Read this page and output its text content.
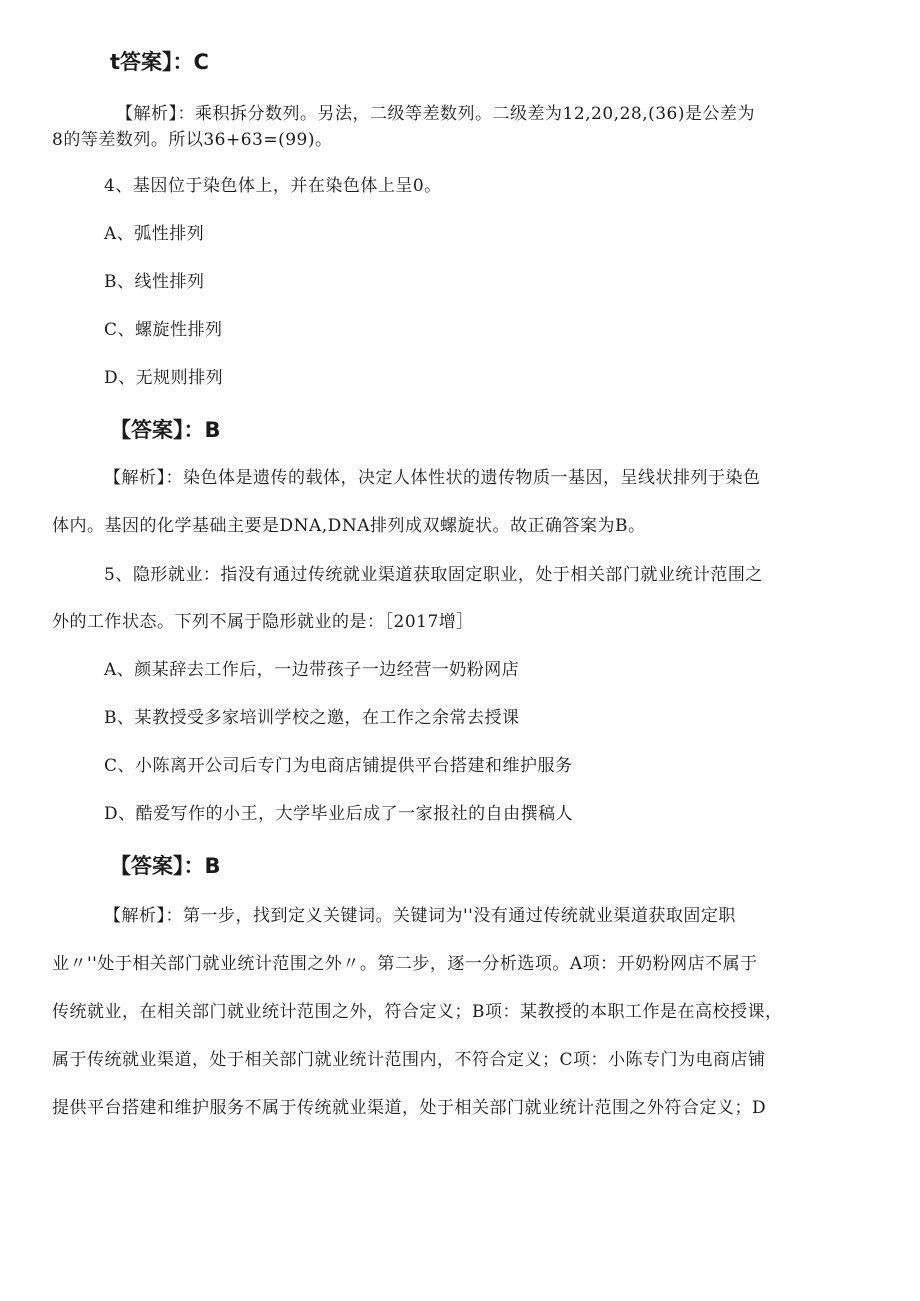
t答案】：C
【解析】：乘积拆分数列。另法，二级等差数列。二级差为12,20,28,(36)是公差为
8的等差数列。所以36+63=(99)。
4、基因位于染色体上，并在染色体上呈0。
A、弧性排列
B、线性排列
C、螺旋性排列
D、无规则排列
【答案】：B
【解析】：染色体是遗传的载体，决定人体性状的遗传物质一基因，呈线状排列于染色
体内。基因的化学基础主要是DNA,DNA排列成双螺旋状。故正确答案为B。
5、隐形就业：指没有通过传统就业渠道获取固定职业，处于相关部门就业统计范围之
外的工作状态。下列不属于隐形就业的是：［2017增］
A、颜某辞去工作后，一边带孩子一边经营一奶粉网店
B、某教授受多家培训学校之邀，在工作之余常去授课
C、小陈离开公司后专门为电商店铺提供平台搭建和维护服务
D、酷爱写作的小王，大学毕业后成了一家报社的自由撰稿人
【答案】：B
【解析】：第一步，找到定义关键词。关键词为''没有通过传统就业渠道获取固定职
业〃''处于相关部门就业统计范围之外〃。第二步，逐一分析选项。A项：开奶粉网店不属于
传统就业，在相关部门就业统计范围之外，符合定义；B项：某教授的本职工作是在高校授课，
属于传统就业渠道，处于相关部门就业统计范围内，不符合定义；C项：小陈专门为电商店铺
提供平台搭建和维护服务不属于传统就业渠道，处于相关部门就业统计范围之外符合定义；D
